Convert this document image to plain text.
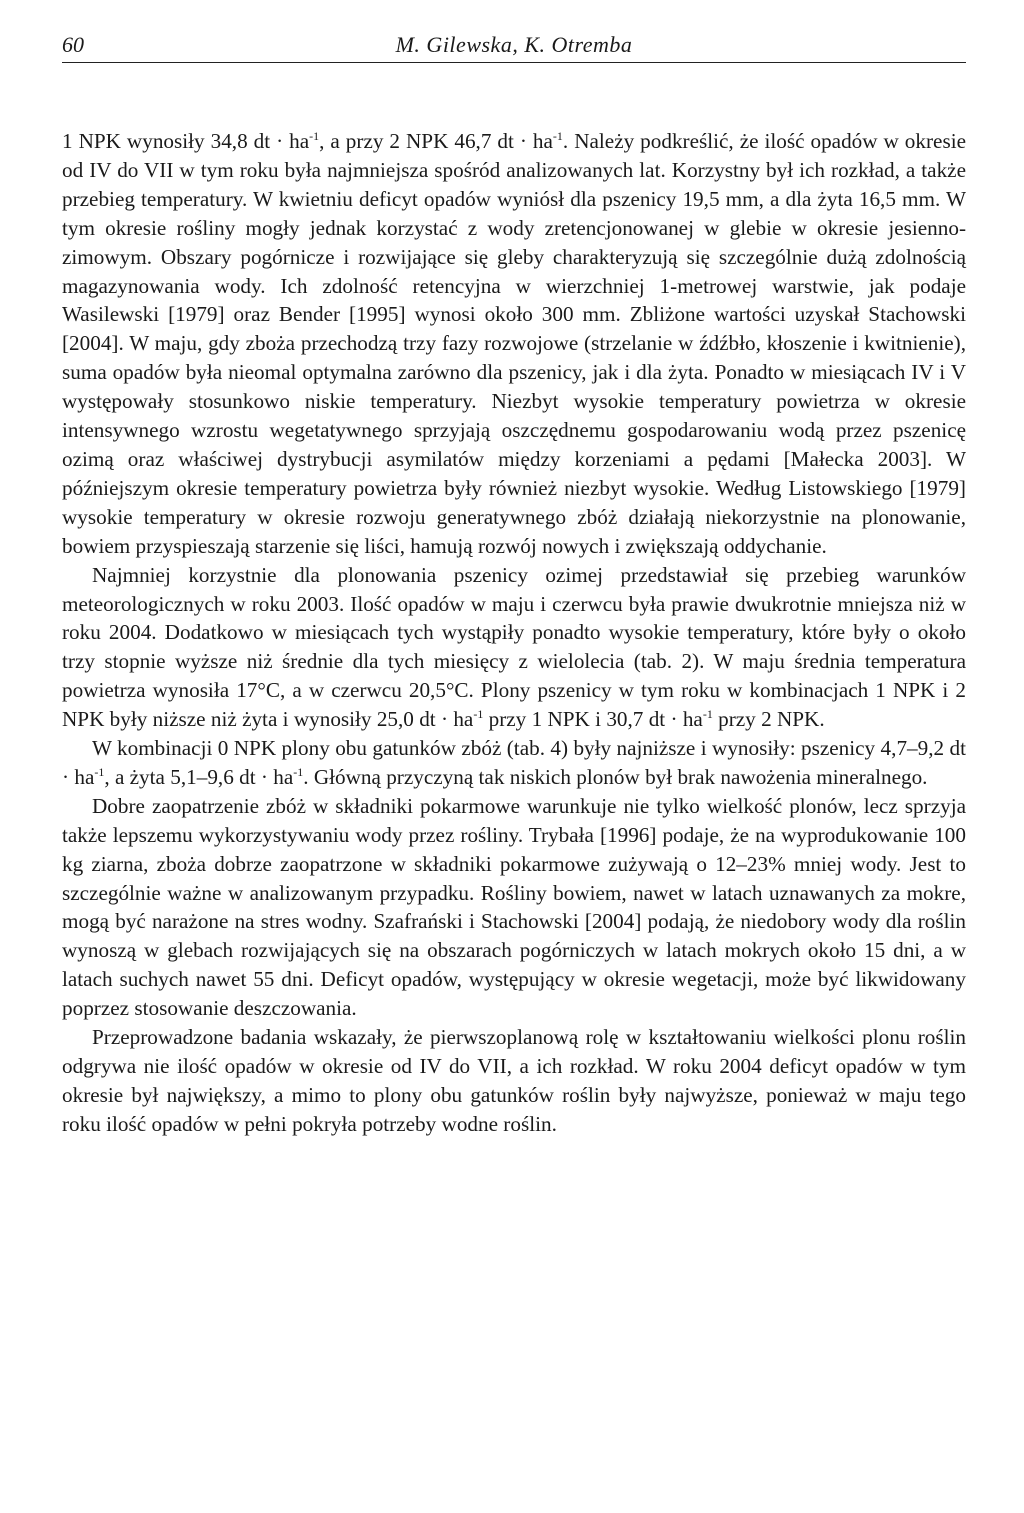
60	M. Gilewska, K. Otremba

1 NPK wynosiły 34,8 dt · $ha^{-1}$, a przy 2 NPK 46,7 dt · $ha^{-1}$. Należy podkreślić, że ilość opadów w okresie od IV do VII w tym roku była najmniejsza spośród analizowanych lat. Korzystny był ich rozkład, a także przebieg temperatury. W kwietniu deficyt opadów wyniósł dla pszenicy 19,5 mm, a dla żyta 16,5 mm. W tym okresie rośliny mogły jednak korzystać z wody zretencjonowanej w glebie w okresie jesienno-zimowym. Obszary pogórnicze i rozwijające się gleby charakteryzują się szczególnie dużą zdolnością magazynowania wody. Ich zdolność retencyjna w wierzchniej 1-metrowej warstwie, jak podaje Wasilewski [1979] oraz Bender [1995] wynosi około 300 mm. Zbliżone wartości uzyskał Stachowski [2004]. W maju, gdy zboża przechodzą trzy fazy rozwojowe (strzelanie w źdźbło, kłoszenie i kwitnienie), suma opadów była nieomal optymalna zarówno dla pszenicy, jak i dla żyta. Ponadto w miesiącach IV i V występowały stosunkowo niskie temperatury. Niezbyt wysokie temperatury powietrza w okresie intensywnego wzrostu wegetatywnego sprzyjają oszczędnemu gospodarowaniu wodą przez pszenicę ozimą oraz właściwej dystrybucji asymilatów między korzeniami a pędami [Małecka 2003]. W późniejszym okresie temperatury powietrza były również niezbyt wysokie. Według Listowskiego [1979] wysokie temperatury w okresie rozwoju generatywnego zbóż działają niekorzystnie na plonowanie, bowiem przyspieszają starzenie się liści, hamują rozwój nowych i zwiększają oddychanie.

Najmniej korzystnie dla plonowania pszenicy ozimej przedstawiał się przebieg warunków meteorologicznych w roku 2003. Ilość opadów w maju i czerwcu była prawie dwukrotnie mniejsza niż w roku 2004. Dodatkowo w miesiącach tych wystąpiły ponadto wysokie temperatury, które były o około trzy stopnie wyższe niż średnie dla tych miesięcy z wielolecia (tab. 2). W maju średnia temperatura powietrza wynosiła 17°C, a w czerwcu 20,5°C. Plony pszenicy w tym roku w kombinacjach 1 NPK i 2 NPK były niższe niż żyta i wynosiły 25,0 dt · $ha^{-1}$ przy 1 NPK i 30,7 dt · $ha^{-1}$ przy 2 NPK.

W kombinacji 0 NPK plony obu gatunków zbóż (tab. 4) były najniższe i wynosiły: pszenicy 4,7–9,2 dt · $ha^{-1}$, a żyta 5,1–9,6 dt · $ha^{-1}$. Główną przyczyną tak niskich plonów był brak nawożenia mineralnego.

Dobre zaopatrzenie zbóż w składniki pokarmowe warunkuje nie tylko wielkość plonów, lecz sprzyja także lepszemu wykorzystywaniu wody przez rośliny. Trybała [1996] podaje, że na wyprodukowanie 100 kg ziarna, zboża dobrze zaopatrzone w składniki pokarmowe zużywają o 12–23% mniej wody. Jest to szczególnie ważne w analizowanym przypadku. Rośliny bowiem, nawet w latach uznawanych za mokre, mogą być narażone na stres wodny. Szafrański i Stachowski [2004] podają, że niedobory wody dla roślin wynoszą w glebach rozwijających się na obszarach pogórniczych w latach mokrych około 15 dni, a w latach suchych nawet 55 dni. Deficyt opadów, występujący w okresie wegetacji, może być likwidowany poprzez stosowanie deszczowania.

Przeprowadzone badania wskazały, że pierwszoplanową rolę w kształtowaniu wielkości plonu roślin odgrywa nie ilość opadów w okresie od IV do VII, a ich rozkład. W roku 2004 deficyt opadów w tym okresie był największy, a mimo to plony obu gatunków roślin były najwyższe, ponieważ w maju tego roku ilość opadów w pełni pokryła potrzeby wodne roślin.
